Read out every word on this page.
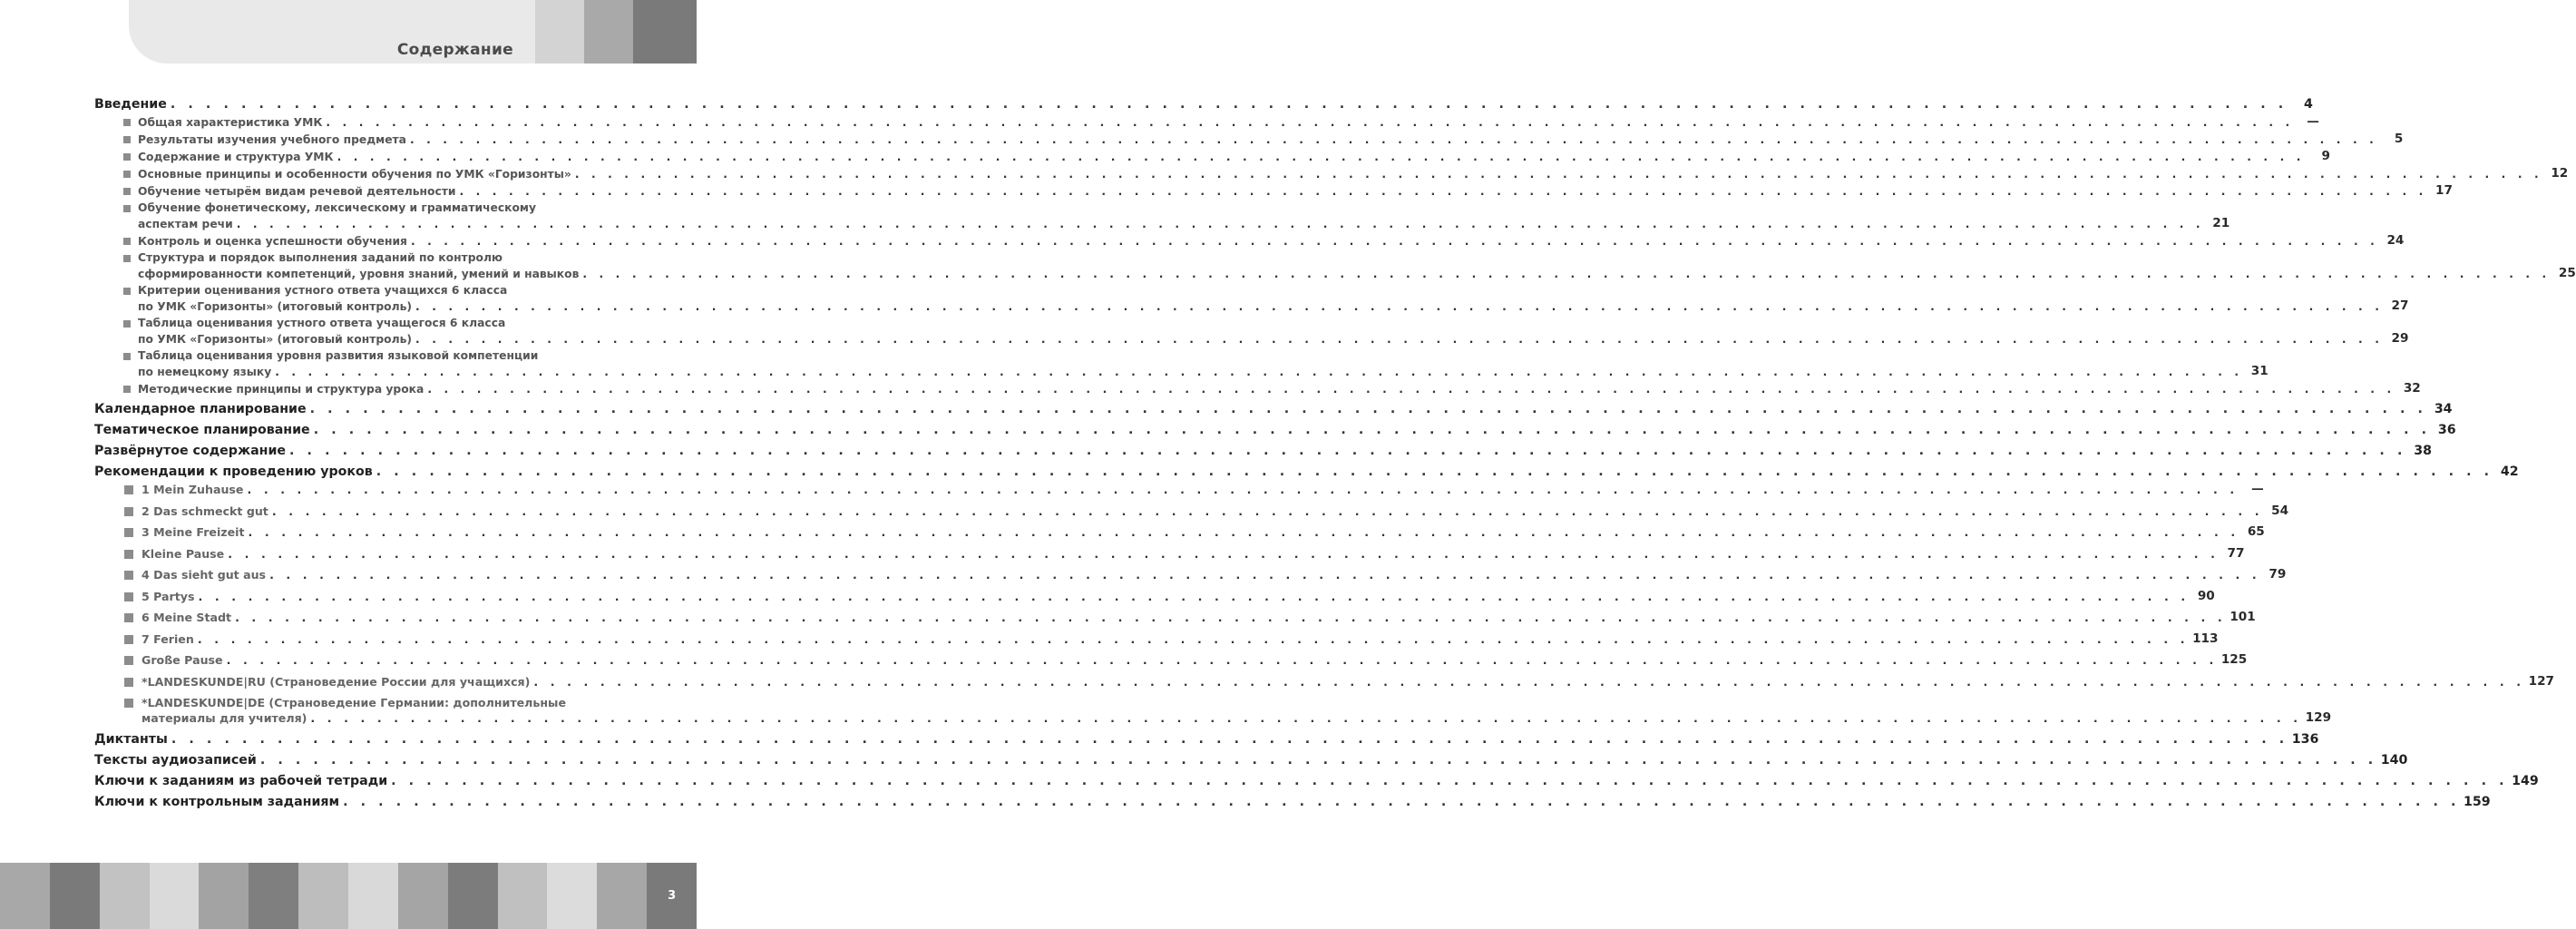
Содержание
Введение . . . . . . . . . . . . . . . . . . . . . . . . . . . . . . . . . . . . . . . . . . . . . . . . . . . . . . . . . . . . . . . . . . . . . . . . . . . . . . . . . . . . . . . . . . . . . . . . . . . . . . . . . . . . . . . . . . . . . . . .	4
Общая характеристика УМК . . . . . . . . . . . . . . . . . . . . . . . . . . . . . . . . . . . . . . . . . . . . . . . . . . . . . . . . . . . . . . . . . . . . . . . . . . . . . . . . . . . . . . . . . . . . . . . . . . . . . . . . . . . . . . . . . . . . . . . .	—
Результаты изучения учебного предмета . . . . . . . . . . . . . . . . . . . . . . . . . . . . . . . . . . . . . . . . . . . . . . . . . . . . . . . . . . . . . . . . . . . . . . . . . . . . . . . . . . . . . . . . . . . . . . . . . . . . . . . . . . . . . . . . . . . . . . . .	5
Содержание и структура УМК . . . . . . . . . . . . . . . . . . . . . . . . . . . . . . . . . . . . . . . . . . . . . . . . . . . . . . . . . . . . . . . . . . . . . . . . . . . . . . . . . . . . . . . . . . . . . . . . . . . . . . . . . . . . . . . . . . . . . . . .	9
Основные принципы и особенности обучения по УМК «Горизонты» . . . . . . . . . . . . . . . . . . . . . . . . . . . . . . . . . . . . . . . . . . . . . . . . . . . . . . . . . . . . . . . . . . . . . . . . . . . . . . . . . . . . . . . . . . . . . . . . . . . . . . . . . . . . . . . . . . . . . . . . 12
Обучение четырём видам речевой деятельности . . . . . . . . . . . . . . . . . . . . . . . . . . . . . . . . . . . . . . . . . . . . . . . . . . . . . . . . . . . . . . . . . . . . . . . . . . . . . . . . . . . . . . . . . . . . . . . . . . . . . . . . . . . . . . . . . . . . . . . . 17
Обучение фонетическому, лексическому и грамматическому
аспектам речи . . . . . . . . . . . . . . . . . . . . . . . . . . . . . . . . . . . . . . . . . . . . . . . . . . . . . . . . . . . . . . . . . . . . . . . . . . . . . . . . . . . . . . . . . . . . . . . . . . . . . . . . . . . . . . . . . . . . . . . . 21
Контроль и оценка успешности обучения . . . . . . . . . . . . . . . . . . . . . . . . . . . . . . . . . . . . . . . . . . . . . . . . . . . . . . . . . . . . . . . . . . . . . . . . . . . . . . . . . . . . . . . . . . . . . . . . . . . . . . . . . . . . . . . . . . . . . . . . 24
Структура и порядок выполнения заданий по контролю
сформированности компетенций, уровня знаний, умений и навыков . . . . . . . . . . . . . . . . . . . . . . . . . . . . . . . . . . . . . . . . . . . . . . . . . . . . . . . . . . . . . . . . . . . . . . . . . . . . . . . . . . . . . . . . . . . . . . . . . . . . . . . . . . . . . . . . . . . . . . . . 25
Критерии оценивания устного ответа учащихся 6 класса
по УМК «Горизонты» (итоговый контроль) . . . . . . . . . . . . . . . . . . . . . . . . . . . . . . . . . . . . . . . . . . . . . . . . . . . . . . . . . . . . . . . . . . . . . . . . . . . . . . . . . . . . . . . . . . . . . . . . . . . . . . . . . . . . . . . . . . . . . . . . 27
Таблица оценивания устного ответа учащегося 6 класса
по УМК «Горизонты» (итоговый контроль) . . . . . . . . . . . . . . . . . . . . . . . . . . . . . . . . . . . . . . . . . . . . . . . . . . . . . . . . . . . . . . . . . . . . . . . . . . . . . . . . . . . . . . . . . . . . . . . . . . . . . . . . . . . . . . . . . . . . . . . . 29
Таблица оценивания уровня развития языковой компетенции
по немецкому языку . . . . . . . . . . . . . . . . . . . . . . . . . . . . . . . . . . . . . . . . . . . . . . . . . . . . . . . . . . . . . . . . . . . . . . . . . . . . . . . . . . . . . . . . . . . . . . . . . . . . . . . . . . . . . . . . . . . . . . . . 31
Методические принципы и структура урока . . . . . . . . . . . . . . . . . . . . . . . . . . . . . . . . . . . . . . . . . . . . . . . . . . . . . . . . . . . . . . . . . . . . . . . . . . . . . . . . . . . . . . . . . . . . . . . . . . . . . . . . . . . . . . . . . . . . . . . . 32
Календарное планирование . . . . . . . . . . . . . . . . . . . . . . . . . . . . . . . . . . . . . . . . . . . . . . . . . . . . . . . . . . . . . . . . . . . . . . . . . . . . . . . . . . . . . . . . . . . . . . . . . . . . . . . . . . . . . . . . . . . . . . . . 34
Тематическое планирование . . . . . . . . . . . . . . . . . . . . . . . . . . . . . . . . . . . . . . . . . . . . . . . . . . . . . . . . . . . . . . . . . . . . . . . . . . . . . . . . . . . . . . . . . . . . . . . . . . . . . . . . . . . . . . . . . . . . . . . . 36
Развёрнутое содержание . . . . . . . . . . . . . . . . . . . . . . . . . . . . . . . . . . . . . . . . . . . . . . . . . . . . . . . . . . . . . . . . . . . . . . . . . . . . . . . . . . . . . . . . . . . . . . . . . . . . . . . . . . . . . . . . . . . . . . . . 38
Рекомендации к проведению уроков . . . . . . . . . . . . . . . . . . . . . . . . . . . . . . . . . . . . . . . . . . . . . . . . . . . . . . . . . . . . . . . . . . . . . . . . . . . . . . . . . . . . . . . . . . . . . . . . . . . . . . . . . . . . . . . . . . . . . . . . 42
1 Mein Zuhause . . . . . . . . . . . . . . . . . . . . . . . . . . . . . . . . . . . . . . . . . . . . . . . . . . . . . . . . . . . . . . . . . . . . . . . . . . . . . . . . . . . . . . . . . . . . . . . . . . . . . . . . . . . . . . . . . . . . . . . .	—
2 Das schmeckt gut . . . . . . . . . . . . . . . . . . . . . . . . . . . . . . . . . . . . . . . . . . . . . . . . . . . . . . . . . . . . . . . . . . . . . . . . . . . . . . . . . . . . . . . . . . . . . . . . . . . . . . . . . . . . . . . . . . . . . . . . 54
3 Meine Freizeit . . . . . . . . . . . . . . . . . . . . . . . . . . . . . . . . . . . . . . . . . . . . . . . . . . . . . . . . . . . . . . . . . . . . . . . . . . . . . . . . . . . . . . . . . . . . . . . . . . . . . . . . . . . . . . . . . . . . . . . . 65
Kleine Pause . . . . . . . . . . . . . . . . . . . . . . . . . . . . . . . . . . . . . . . . . . . . . . . . . . . . . . . . . . . . . . . . . . . . . . . . . . . . . . . . . . . . . . . . . . . . . . . . . . . . . . . . . . . . . . . . . . . . . . . . 77
4 Das sieht gut aus . . . . . . . . . . . . . . . . . . . . . . . . . . . . . . . . . . . . . . . . . . . . . . . . . . . . . . . . . . . . . . . . . . . . . . . . . . . . . . . . . . . . . . . . . . . . . . . . . . . . . . . . . . . . . . . . . . . . . . . . 79
5 Partys . . . . . . . . . . . . . . . . . . . . . . . . . . . . . . . . . . . . . . . . . . . . . . . . . . . . . . . . . . . . . . . . . . . . . . . . . . . . . . . . . . . . . . . . . . . . . . . . . . . . . . . . . . . . . . . . . . . . . . . . 90
6 Meine Stadt . . . . . . . . . . . . . . . . . . . . . . . . . . . . . . . . . . . . . . . . . . . . . . . . . . . . . . . . . . . . . . . . . . . . . . . . . . . . . . . . . . . . . . . . . . . . . . . . . . . . . . . . . . . . . . . . . . . . . . . . 101
7 Ferien . . . . . . . . . . . . . . . . . . . . . . . . . . . . . . . . . . . . . . . . . . . . . . . . . . . . . . . . . . . . . . . . . . . . . . . . . . . . . . . . . . . . . . . . . . . . . . . . . . . . . . . . . . . . . . . . . . . . . . . . 113
Große Pause . . . . . . . . . . . . . . . . . . . . . . . . . . . . . . . . . . . . . . . . . . . . . . . . . . . . . . . . . . . . . . . . . . . . . . . . . . . . . . . . . . . . . . . . . . . . . . . . . . . . . . . . . . . . . . . . . . . . . . . . 125
*LANDESKUNDE|RU (Страноведение России для учащихся) . . . . . . . . . . . . . . . . . . . . . . . . . . . . . . . . . . . . . . . . . . . . . . . . . . . . . . . . . . . . . . . . . . . . . . . . . . . . . . . . . . . . . . . . . . . . . . . . . . . . . . . . . . . . . . . . . . . . . . . . 127
*LANDESKUNDE|DE (Страноведение Германии: дополнительные
материалы для учителя) . . . . . . . . . . . . . . . . . . . . . . . . . . . . . . . . . . . . . . . . . . . . . . . . . . . . . . . . . . . . . . . . . . . . . . . . . . . . . . . . . . . . . . . . . . . . . . . . . . . . . . . . . . . . . . . . . . . . . . . . 129
Диктанты . . . . . . . . . . . . . . . . . . . . . . . . . . . . . . . . . . . . . . . . . . . . . . . . . . . . . . . . . . . . . . . . . . . . . . . . . . . . . . . . . . . . . . . . . . . . . . . . . . . . . . . . . . . . . . . . . . . . . . . . 136
Тексты аудиозаписей . . . . . . . . . . . . . . . . . . . . . . . . . . . . . . . . . . . . . . . . . . . . . . . . . . . . . . . . . . . . . . . . . . . . . . . . . . . . . . . . . . . . . . . . . . . . . . . . . . . . . . . . . . . . . . . . . . . . . . . . 140
Ключи к заданиям из рабочей тетради . . . . . . . . . . . . . . . . . . . . . . . . . . . . . . . . . . . . . . . . . . . . . . . . . . . . . . . . . . . . . . . . . . . . . . . . . . . . . . . . . . . . . . . . . . . . . . . . . . . . . . . . . . . . . . . . . . . . . . . . 149
Ключи к контрольным заданиям . . . . . . . . . . . . . . . . . . . . . . . . . . . . . . . . . . . . . . . . . . . . . . . . . . . . . . . . . . . . . . . . . . . . . . . . . . . . . . . . . . . . . . . . . . . . . . . . . . . . . . . . . . . . . . . . . . . . . . . . 159
3
